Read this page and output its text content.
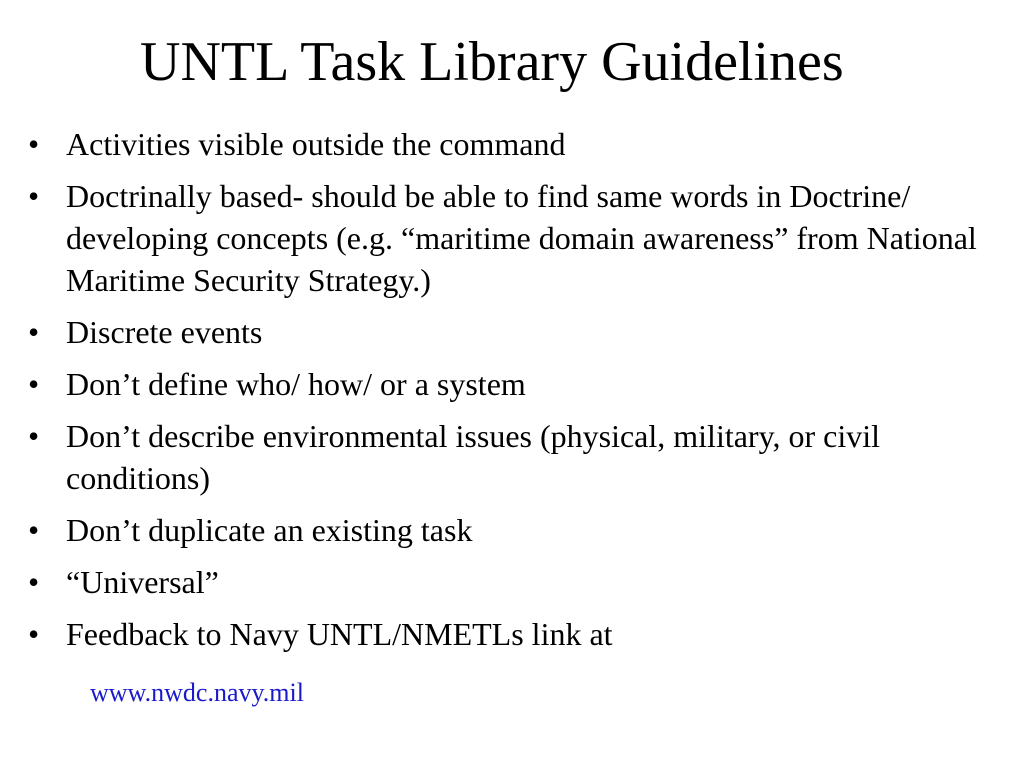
UNTL Task Library Guidelines
• Activities visible outside the command
• Doctrinally based- should be able to find same words in Doctrine/ developing concepts (e.g. “maritime domain awareness” from National Maritime Security Strategy.)
• Discrete events
• Don’t define who/ how/ or a system
• Don’t describe environmental issues (physical, military, or civil conditions)
• Don’t duplicate an existing task
• “Universal”
• Feedback to Navy UNTL/NMETLs link at
www.nwdc.navy.mil
